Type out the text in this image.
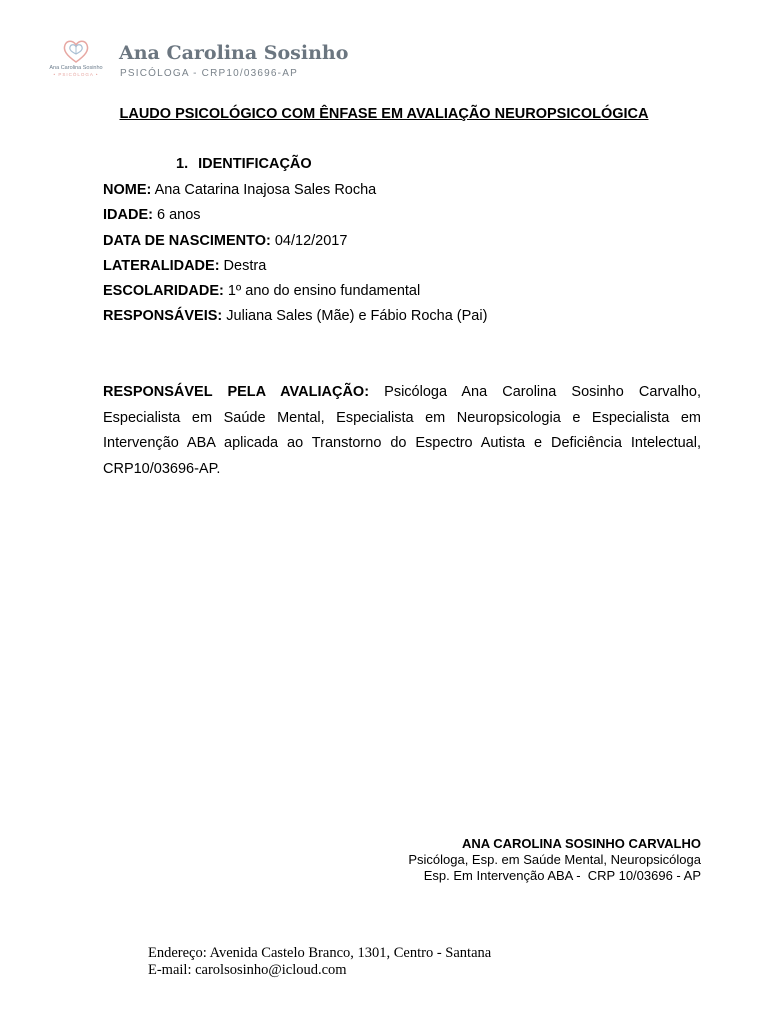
Ana Carolina Sosinho
• PSICÓLOGA •
Ana Carolina Sosinho
PSICÓLOGA - CRP10/03696-AP
LAUDO PSICOLÓGICO COM ÊNFASE EM AVALIAÇÃO NEUROPSICOLÓGICA
1. IDENTIFICAÇÃO
NOME: Ana Catarina Inajosa Sales Rocha
IDADE: 6 anos
DATA DE NASCIMENTO: 04/12/2017
LATERALIDADE: Destra
ESCOLARIDADE: 1º ano do ensino fundamental
RESPONSÁVEIS: Juliana Sales (Mãe) e Fábio Rocha (Pai)
RESPONSÁVEL PELA AVALIAÇÃO: Psicóloga Ana Carolina Sosinho Carvalho, Especialista em Saúde Mental, Especialista em Neuropsicologia e Especialista em Intervenção ABA aplicada ao Transtorno do Espectro Autista e Deficiência Intelectual, CRP10/03696-AP.
ANA CAROLINA SOSINHO CARVALHO
Psicóloga, Esp. em Saúde Mental, Neuropsicóloga
Esp. Em Intervenção ABA -  CRP 10/03696 - AP
Endereço: Avenida Castelo Branco, 1301, Centro - Santana
E-mail: carolsosinho@icloud.com
